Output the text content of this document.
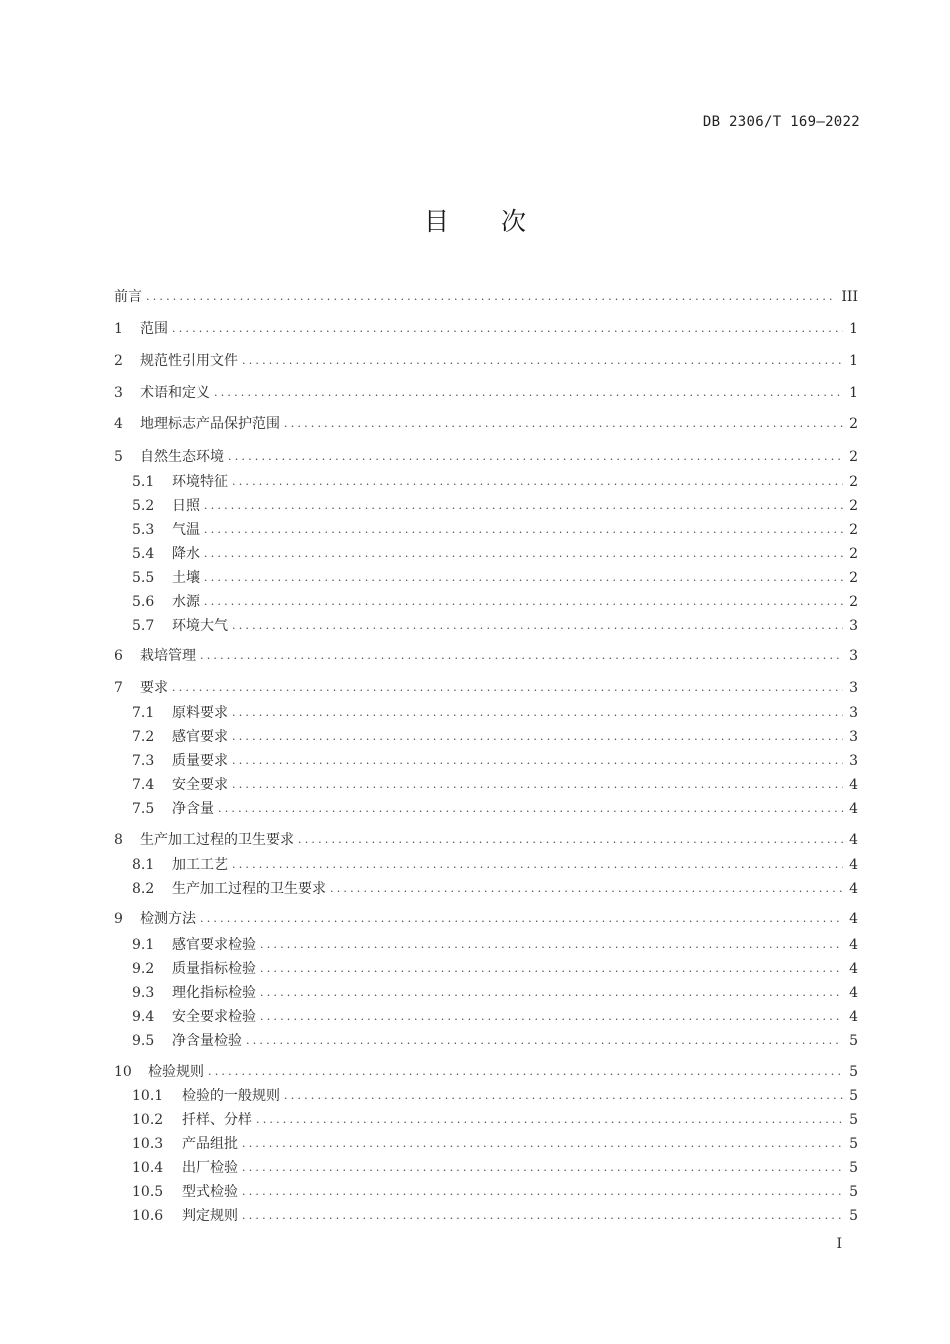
DB 2306/T 169—2022
目次
前言 .....	III
1	范围 .....	1
2	规范性引用文件 .....	1
3	术语和定义 .....	1
4	地理标志产品保护范围 .....	2
5	自然生态环境 .....	2
5.1	环境特征 .....	2
5.2	日照 .....	2
5.3	气温 .....	2
5.4	降水 .....	2
5.5	土壤 .....	2
5.6	水源 .....	2
5.7	环境大气 .....	3
6	栽培管理 .....	3
7	要求 .....	3
7.1	原料要求 .....	3
7.2	感官要求 .....	3
7.3	质量要求 .....	3
7.4	安全要求 .....	4
7.5	净含量 .....	4
8	生产加工过程的卫生要求 .....	4
8.1	加工工艺 .....	4
8.2	生产加工过程的卫生要求 .....	4
9	检测方法 .....	4
9.1	感官要求检验 .....	4
9.2	质量指标检验 .....	4
9.3	理化指标检验 .....	4
9.4	安全要求检验 .....	4
9.5	净含量检验 .....	5
10	检验规则 .....	5
10.1	检验的一般规则 .....	5
10.2	扦样、分样 .....	5
10.3	产品组批 .....	5
10.4	出厂检验 .....	5
10.5	型式检验 .....	5
10.6	判定规则 .....	5
I
